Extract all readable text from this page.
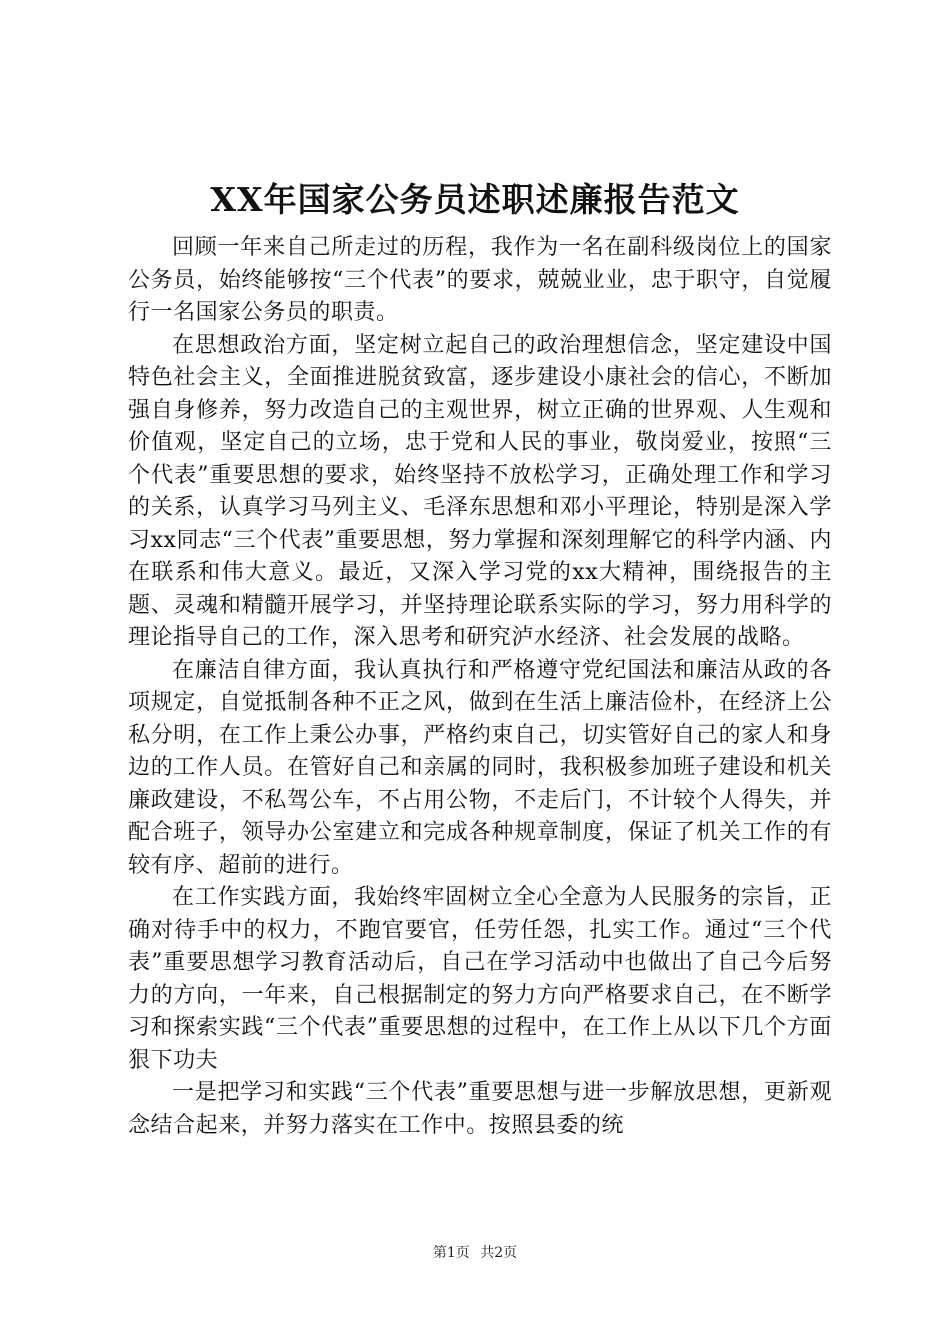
XX年国家公务员述职述廉报告范文

回顾一年来自己所走过的历程，我作为一名在副科级岗位上的国家公务员，始终能够按“三个代表”的要求，兢兢业业，忠于职守，自觉履行一名国家公务员的职责。

在思想政治方面，坚定树立起自己的政治理想信念，坚定建设中国特色社会主义，全面推进脱贫致富，逐步建设小康社会的信心，不断加强自身修养，努力改造自己的主观世界，树立正确的世界观、人生观和价值观，坚定自己的立场，忠于党和人民的事业，敬岗爱业，按照“三个代表”重要思想的要求，始终坚持不放松学习，正确处理工作和学习的关系，认真学习马列主义、毛泽东思想和邓小平理论，特别是深入学习xx同志“三个代表”重要思想，努力掌握和深刻理解它的科学内涵、内在联系和伟大意义。最近，又深入学习党的xx大精神，围绕报告的主题、灵魂和精髓开展学习，并坚持理论联系实际的学习，努力用科学的理论指导自己的工作，深入思考和研究泸水经济、社会发展的战略。

在廉洁自律方面，我认真执行和严格遵守党纪国法和廉洁从政的各项规定，自觉抵制各种不正之风，做到在生活上廉洁俭朴，在经济上公私分明，在工作上秉公办事，严格约束自己，切实管好自己的家人和身边的工作人员。在管好自己和亲属的同时，我积极参加班子建设和机关廉政建设，不私驾公车，不占用公物，不走后门，不计较个人得失，并配合班子，领导办公室建立和完成各种规章制度，保证了机关工作的有较有序、超前的进行。

在工作实践方面，我始终牢固树立全心全意为人民服务的宗旨，正确对待手中的权力，不跑官要官，任劳任怨，扎实工作。通过“三个代表”重要思想学习教育活动后，自己在学习活动中也做出了自己今后努力的方向，一年来，自己根据制定的努力方向严格要求自己，在不断学习和探索实践“三个代表”重要思想的过程中，在工作上从以下几个方面狠下功夫

一是把学习和实践“三个代表”重要思想与进一步解放思想，更新观念结合起来，并努力落实在工作中。按照县委的统

第1页 共2页
